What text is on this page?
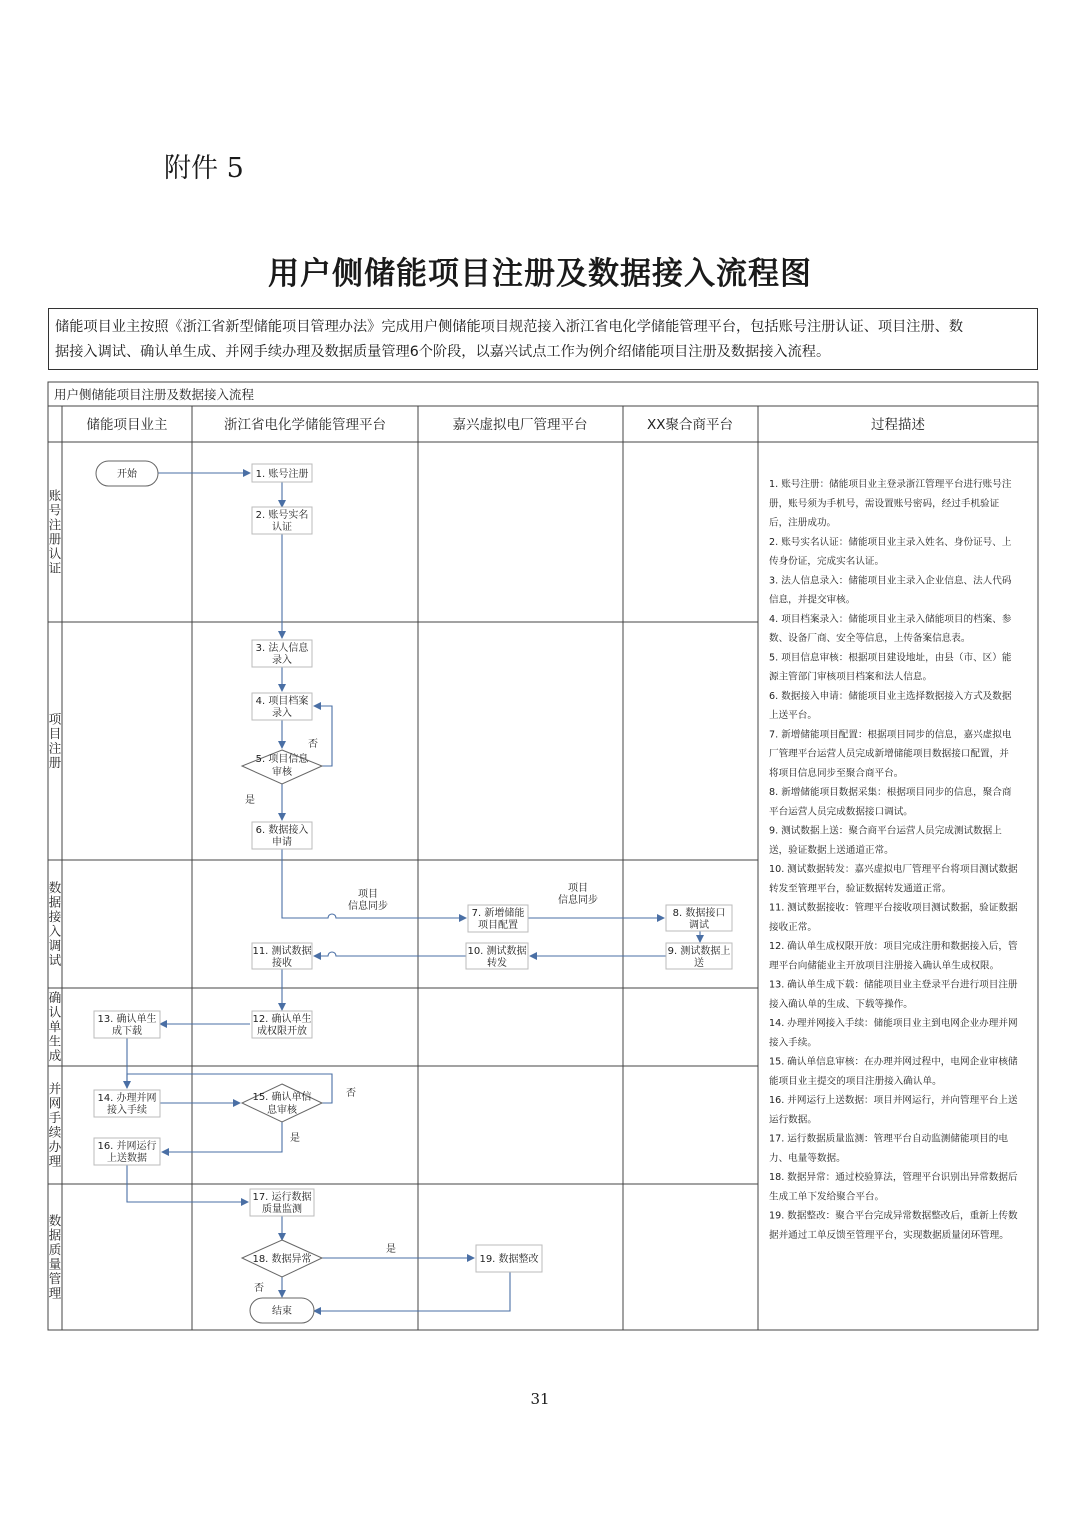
附件 5
用户侧储能项目注册及数据接入流程图
储能项目业主按照《浙江省新型储能项目管理办法》完成用户侧储能项目规范接入浙江省电化学储能管理平台，包括账号注册认证、项目注册、数
据接入调试、确认单生成、并网手续办理及数据质量管理6个阶段，以嘉兴试点工作为例介绍储能项目注册及数据接入流程。
用户侧储能项目注册及数据接入流程
储能项目业主	浙江省电化学储能管理平台	嘉兴虚拟电厂管理平台	XX聚合商平台	过程描述
账
号
注
册
认
证
项
目
注
册
数
据
接
入
调
试
确
认
单
生
成
并
网
手
续
办
理
数
据
质
量
管
理
开始	1. 账号注册
2. 账号实名
认证
3. 法人信息
录入
4. 项目档案
录入
5. 项目信息
审核
6. 数据接入
申请
7. 新增储能
项目配置
8. 数据接口
调试
9. 测试数据上
送
10. 测试数据
转发
11. 测试数据
接收
12. 确认单生
成权限开放
13. 确认单生
成下载
14. 办理并网
接入手续
15. 确认单信
息审核
16. 并网运行
上送数据
17. 运行数据
质量监测
18. 数据异常	19. 数据整改
结束
否
是
项目
信息同步
项目
信息同步
否
是
是
否
1. 账号注册：储能项目业主登录浙江管理平台进行账号注
册，账号须为手机号，需设置账号密码，经过手机验证
后，注册成功。
2. 账号实名认证：储能项目业主录入姓名、身份证号、上
传身份证，完成实名认证。
3. 法人信息录入：储能项目业主录入企业信息、法人代码
信息，并提交审核。
4. 项目档案录入：储能项目业主录入储能项目的档案、参
数、设备厂商、安全等信息，上传备案信息表。
5. 项目信息审核：根据项目建设地址，由县（市、区）能
源主管部门审核项目档案和法人信息。
6. 数据接入申请：储能项目业主选择数据接入方式及数据
上送平台。
7. 新增储能项目配置：根据项目同步的信息，嘉兴虚拟电
厂管理平台运营人员完成新增储能项目数据接口配置，并
将项目信息同步至聚合商平台。
8. 新增储能项目数据采集：根据项目同步的信息，聚合商
平台运营人员完成数据接口调试。
9. 测试数据上送：聚合商平台运营人员完成测试数据上
送，验证数据上送通道正常。
10. 测试数据转发：嘉兴虚拟电厂管理平台将项目测试数据
转发至管理平台，验证数据转发通道正常。
11. 测试数据接收：管理平台接收项目测试数据，验证数据
接收正常。
12. 确认单生成权限开放：项目完成注册和数据接入后，管
理平台向储能业主开放项目注册接入确认单生成权限。
13. 确认单生成下载：储能项目业主登录平台进行项目注册
接入确认单的生成、下载等操作。
14. 办理并网接入手续：储能项目业主到电网企业办理并网
接入手续。
15. 确认单信息审核：在办理并网过程中，电网企业审核储
能项目业主提交的项目注册接入确认单。
16. 并网运行上送数据：项目并网运行，并向管理平台上送
运行数据。
17. 运行数据质量监测：管理平台自动监测储能项目的电
力、电量等数据。
18. 数据异常：通过校验算法，管理平台识别出异常数据后
生成工单下发给聚合平台。
19. 数据整改：聚合平台完成异常数据整改后，重新上传数
据并通过工单反馈至管理平台，实现数据质量闭环管理。
31
